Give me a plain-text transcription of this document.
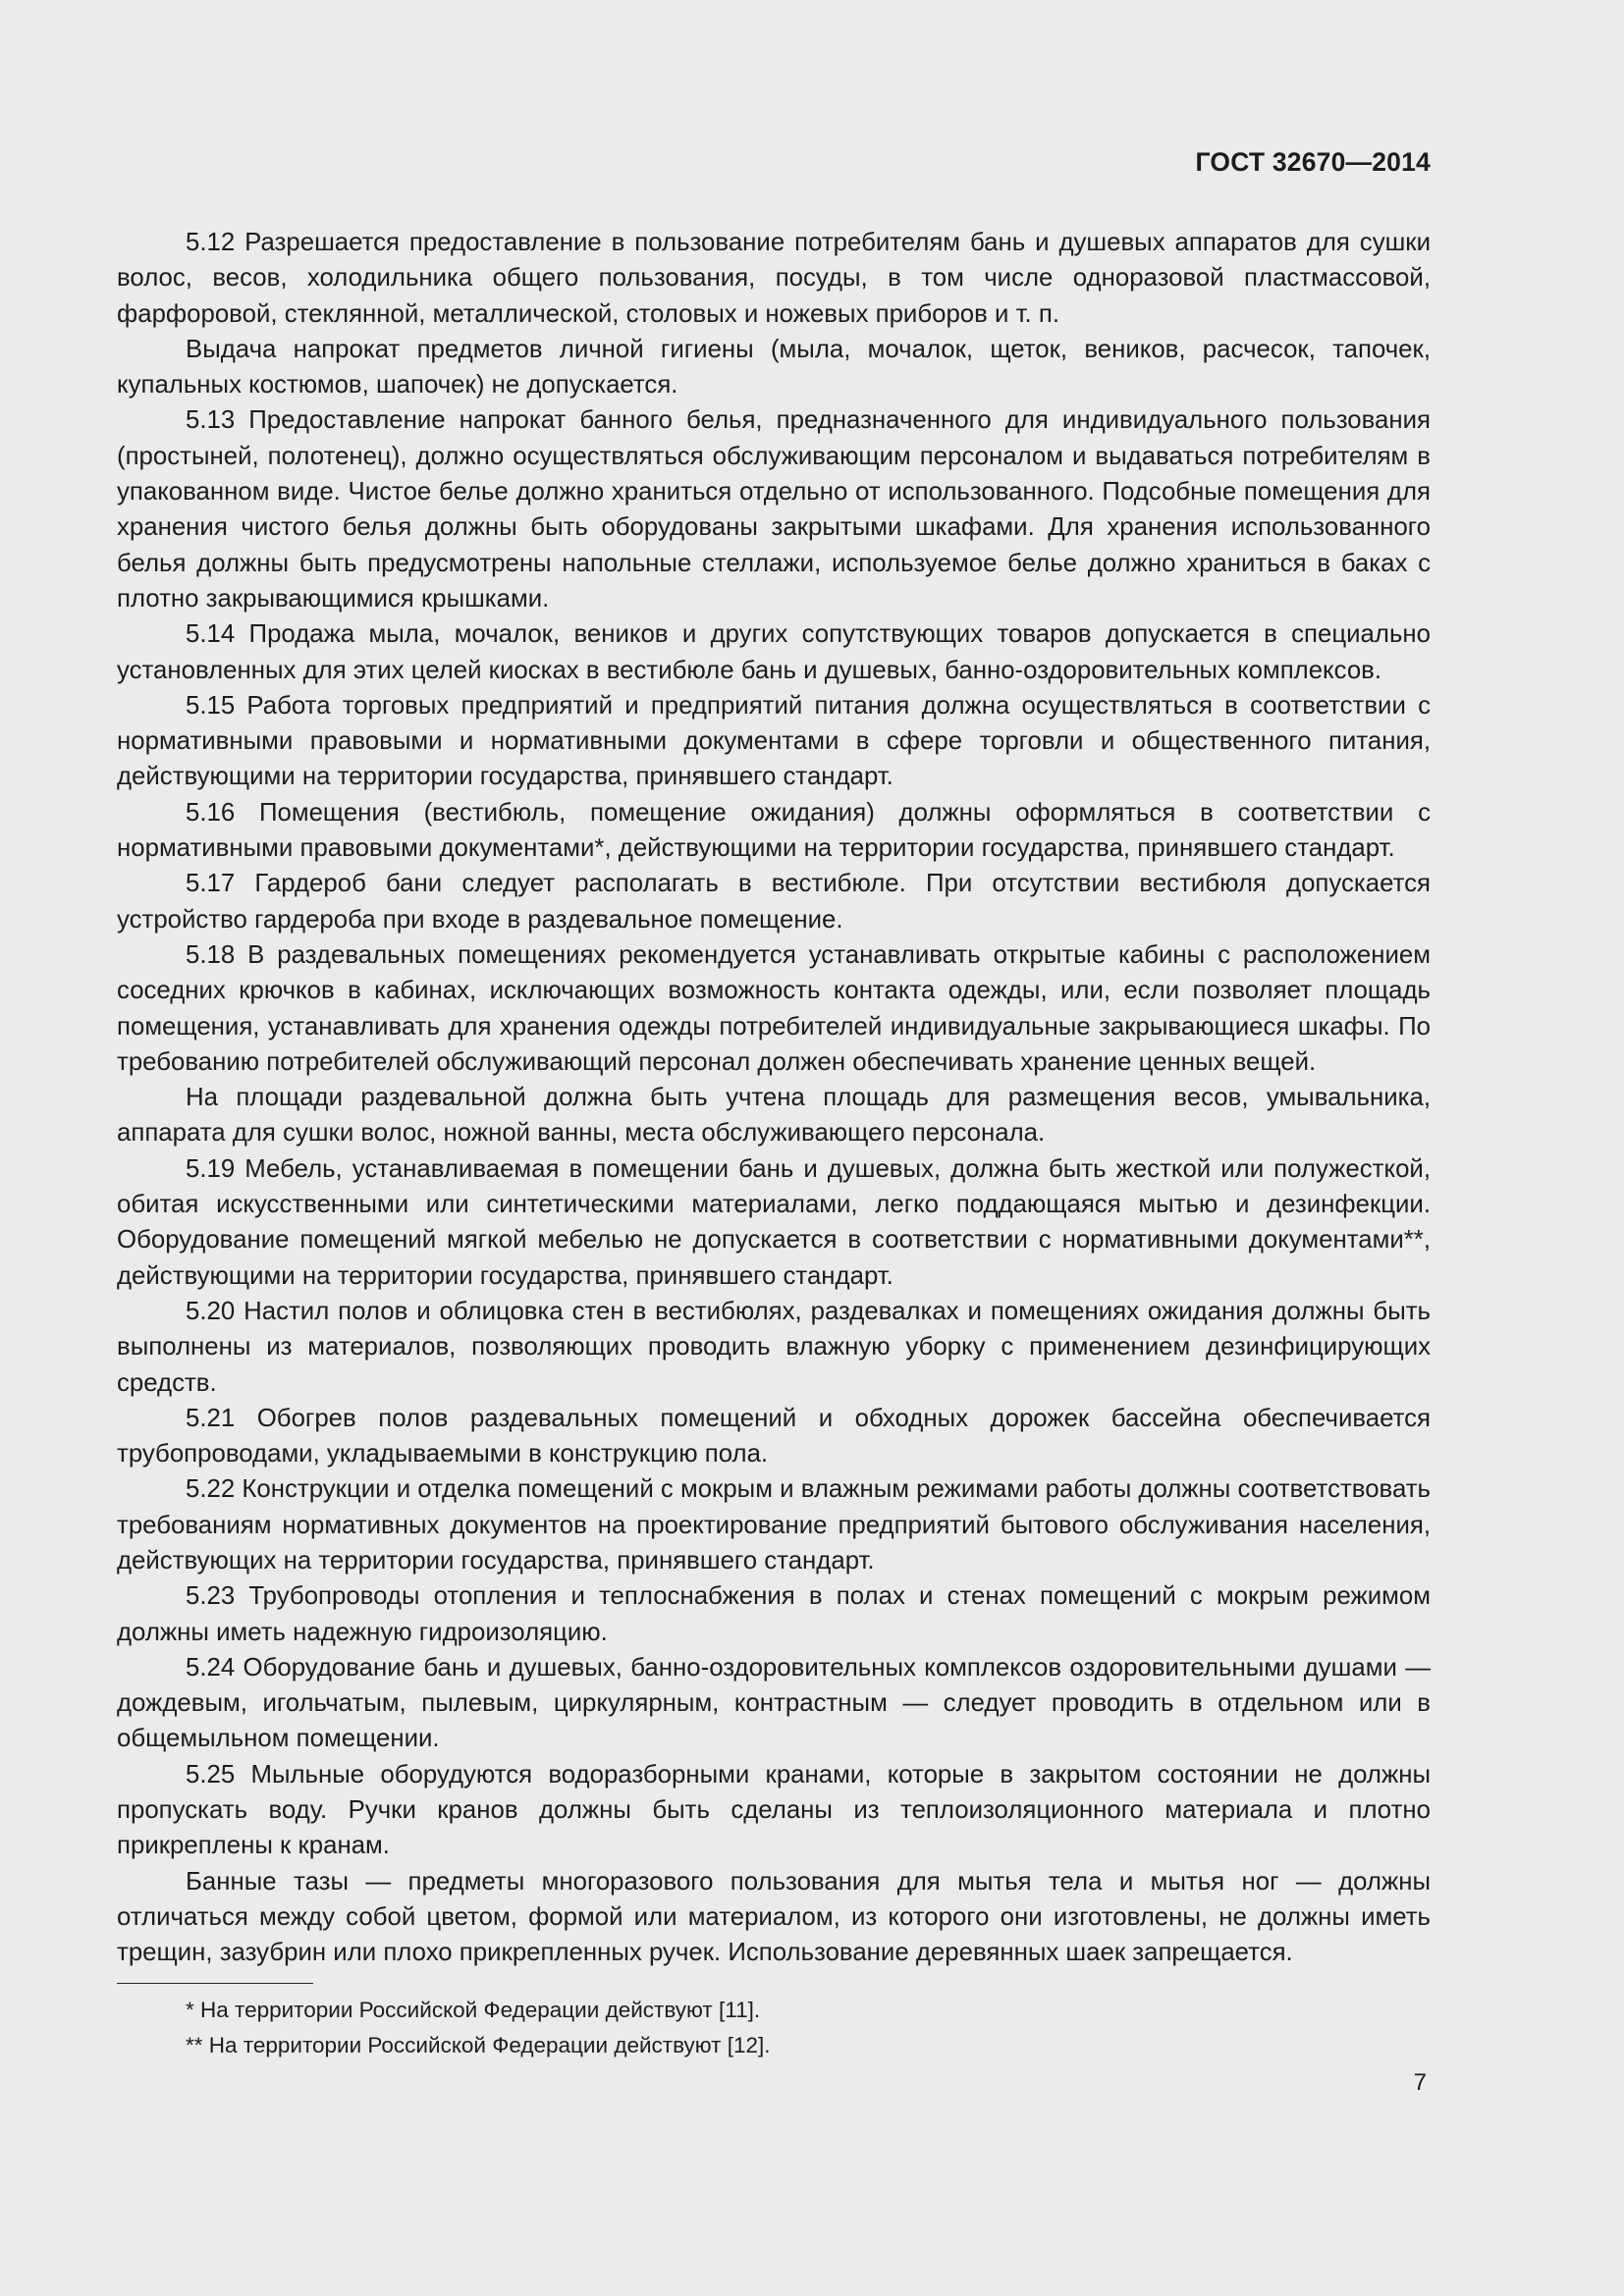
ГОСТ 32670—2014

5.12 Разрешается предоставление в пользование потребителям бань и душевых аппаратов для сушки волос, весов, холодильника общего пользования, посуды, в том числе одноразовой пластмассовой, фарфоровой, стеклянной, металлической, столовых и ножевых приборов и т. п.

Выдача напрокат предметов личной гигиены (мыла, мочалок, щеток, веников, расчесок, тапочек, купальных костюмов, шапочек) не допускается.

5.13 Предоставление напрокат банного белья, предназначенного для индивидуального пользования (простыней, полотенец), должно осуществляться обслуживающим персоналом и выдаваться потребителям в упакованном виде. Чистое белье должно храниться отдельно от использованного. Подсобные помещения для хранения чистого белья должны быть оборудованы закрытыми шкафами. Для хранения использованного белья должны быть предусмотрены напольные стеллажи, используемое белье должно храниться в баках с плотно закрывающимися крышками.

5.14 Продажа мыла, мочалок, веников и других сопутствующих товаров допускается в специально установленных для этих целей киосках в вестибюле бань и душевых, банно-оздоровительных комплексов.

5.15 Работа торговых предприятий и предприятий питания должна осуществляться в соответствии с нормативными правовыми и нормативными документами в сфере торговли и общественного питания, действующими на территории государства, принявшего стандарт.

5.16 Помещения (вестибюль, помещение ожидания) должны оформляться в соответствии с нормативными правовыми документами*, действующими на территории государства, принявшего стандарт.

5.17 Гардероб бани следует располагать в вестибюле. При отсутствии вестибюля допускается устройство гардероба при входе в раздевальное помещение.

5.18 В раздевальных помещениях рекомендуется устанавливать открытые кабины с расположением соседних крючков в кабинах, исключающих возможность контакта одежды, или, если позволяет площадь помещения, устанавливать для хранения одежды потребителей индивидуальные закрывающиеся шкафы. По требованию потребителей обслуживающий персонал должен обеспечивать хранение ценных вещей.

На площади раздевальной должна быть учтена площадь для размещения весов, умывальника, аппарата для сушки волос, ножной ванны, места обслуживающего персонала.

5.19 Мебель, устанавливаемая в помещении бань и душевых, должна быть жесткой или полужесткой, обитая искусственными или синтетическими материалами, легко поддающаяся мытью и дезинфекции. Оборудование помещений мягкой мебелью не допускается в соответствии с нормативными документами**, действующими на территории государства, принявшего стандарт.

5.20 Настил полов и облицовка стен в вестибюлях, раздевалках и помещениях ожидания должны быть выполнены из материалов, позволяющих проводить влажную уборку с применением дезинфицирующих средств.

5.21 Обогрев полов раздевальных помещений и обходных дорожек бассейна обеспечивается трубопроводами, укладываемыми в конструкцию пола.

5.22 Конструкции и отделка помещений с мокрым и влажным режимами работы должны соответствовать требованиям нормативных документов на проектирование предприятий бытового обслуживания населения, действующих на территории государства, принявшего стандарт.

5.23 Трубопроводы отопления и теплоснабжения в полах и стенах помещений с мокрым режимом должны иметь надежную гидроизоляцию.

5.24 Оборудование бань и душевых, банно-оздоровительных комплексов оздоровительными душами — дождевым, игольчатым, пылевым, циркулярным, контрастным — следует проводить в отдельном или в общемыльном помещении.

5.25 Мыльные оборудуются водоразборными кранами, которые в закрытом состоянии не должны пропускать воду. Ручки кранов должны быть сделаны из теплоизоляционного материала и плотно прикреплены к кранам.

Банные тазы — предметы многоразового пользования для мытья тела и мытья ног — должны отличаться между собой цветом, формой или материалом, из которого они изготовлены, не должны иметь трещин, зазубрин или плохо прикрепленных ручек. Использование деревянных шаек запрещается.

* На территории Российской Федерации действуют [11].

** На территории Российской Федерации действуют [12].

7
